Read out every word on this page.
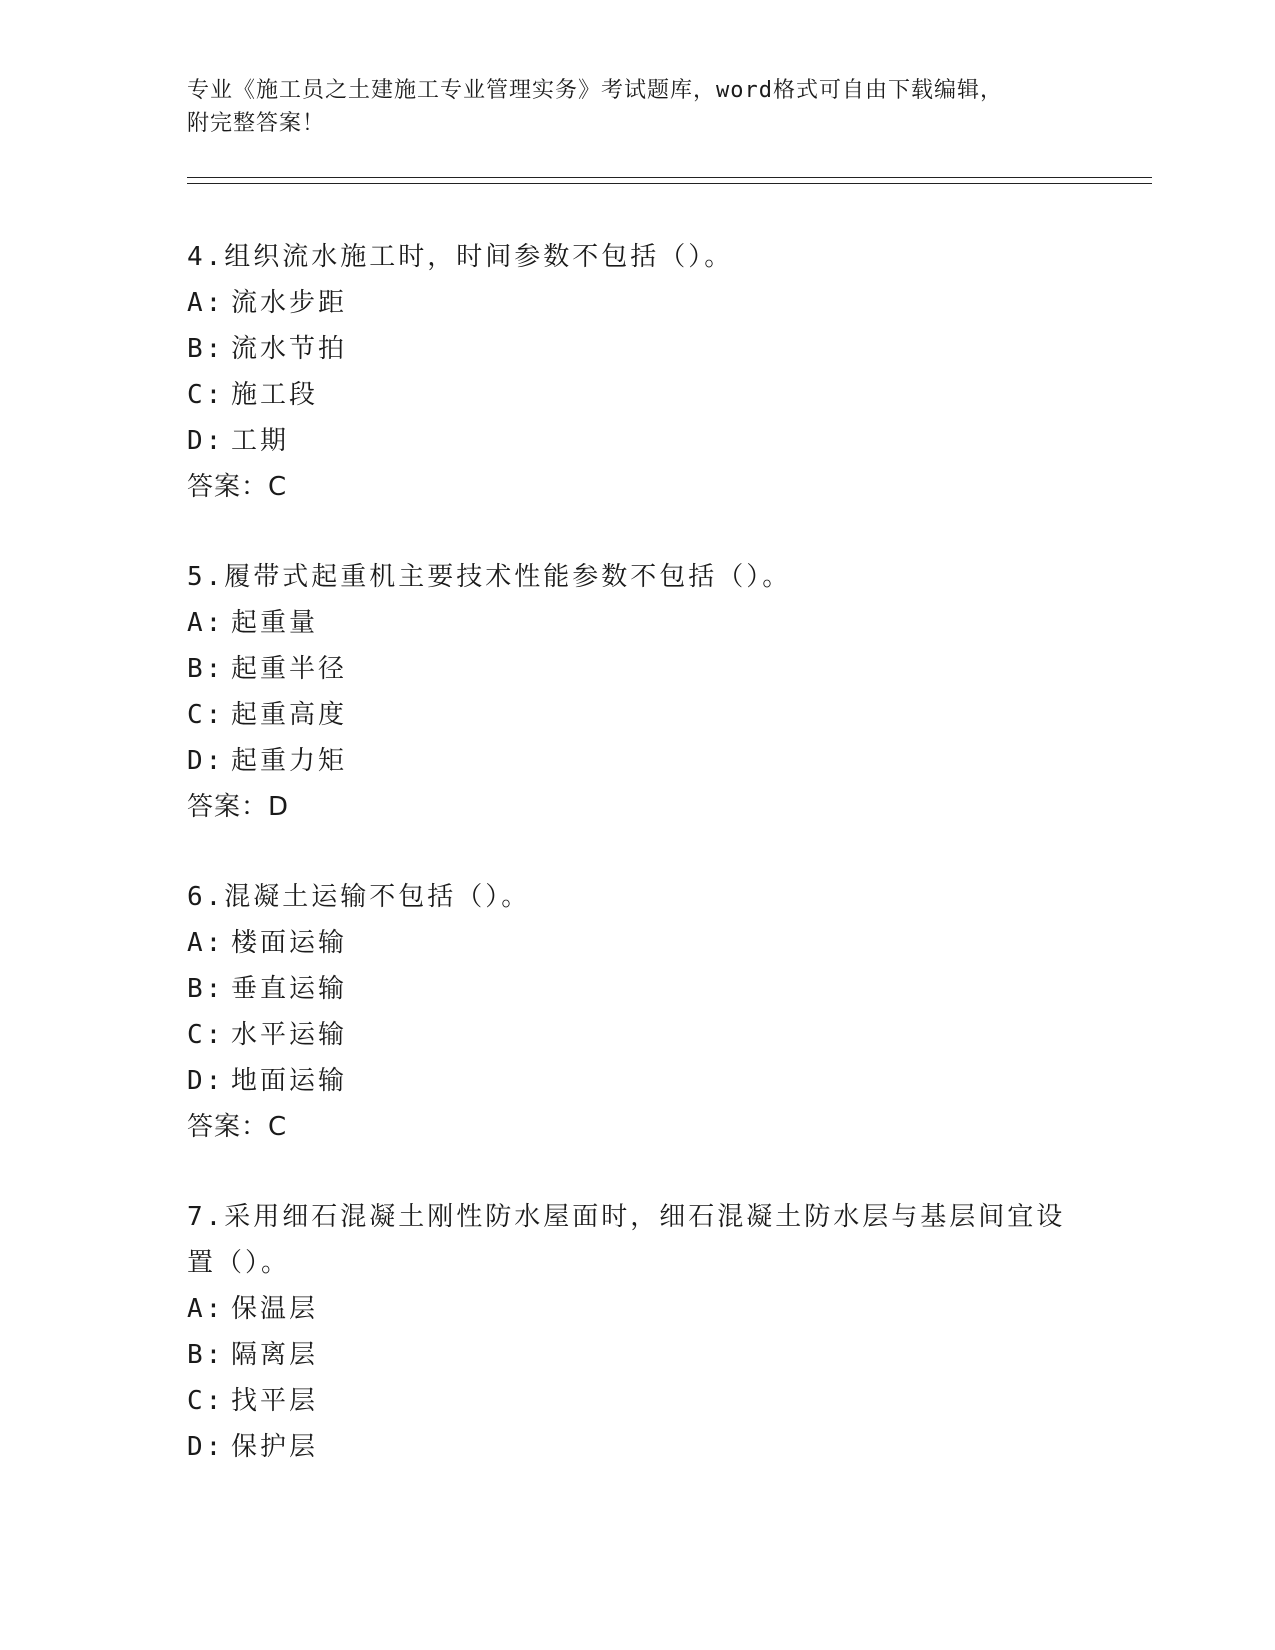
专业《施工员之土建施工专业管理实务》考试题库，word格式可自由下载编辑，
附完整答案！
4.组织流水施工时，时间参数不包括（）。
A: 流水步距
B: 流水节拍
C: 施工段
D: 工期
答案：C
5.履带式起重机主要技术性能参数不包括（）。
A: 起重量
B: 起重半径
C: 起重高度
D: 起重力矩
答案：D
6.混凝土运输不包括（）。
A: 楼面运输
B: 垂直运输
C: 水平运输
D: 地面运输
答案：C
7.采用细石混凝土刚性防水屋面时，细石混凝土防水层与基层间宜设置（）。
A: 保温层
B: 隔离层
C: 找平层
D: 保护层
